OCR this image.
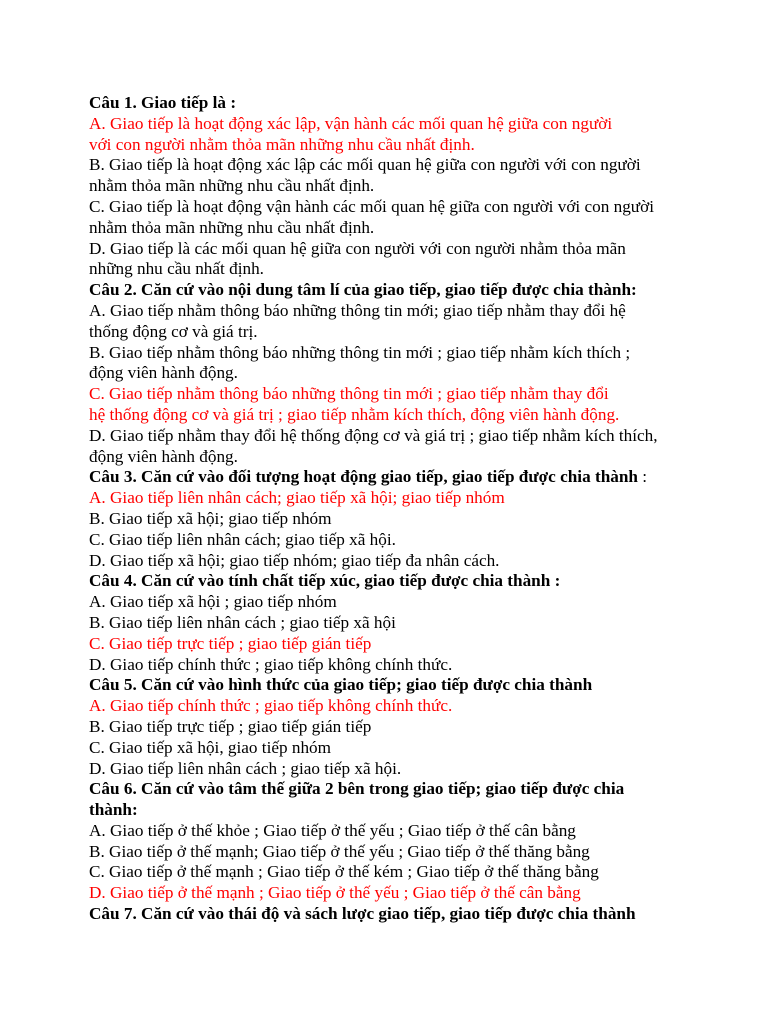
Câu 1. Giao tiếp là :
A. Giao tiếp là hoạt động xác lập, vận hành các mối quan hệ giữa con người
với con người nhằm thỏa mãn những nhu cầu nhất định.
B. Giao tiếp là hoạt động xác lập các mối quan hệ giữa con người với con người
nhằm thỏa mãn những nhu cầu nhất định.
C. Giao tiếp là hoạt động vận hành các mối quan hệ giữa con người với con người
nhằm thỏa mãn những nhu cầu nhất định.
D. Giao tiếp là các mối quan hệ giữa con người với con người nhằm thỏa mãn
những nhu cầu nhất định.
Câu 2. Căn cứ vào nội dung tâm lí của giao tiếp, giao tiếp được chia thành:
A. Giao tiếp nhằm thông báo những thông tin mới; giao tiếp nhằm thay đổi hệ
thống động cơ và giá trị.
B. Giao tiếp nhằm thông báo những thông tin mới ; giao tiếp nhằm kích thích ;
động viên hành động.
C. Giao tiếp nhằm thông báo những thông tin mới ; giao tiếp nhằm thay đổi
hệ thống động cơ và giá trị ; giao tiếp nhằm kích thích, động viên hành động.
D. Giao tiếp nhằm thay đổi hệ thống động cơ và giá trị ; giao tiếp nhằm kích thích,
động viên hành động.
Câu 3. Căn cứ vào đối tượng hoạt động giao tiếp, giao tiếp được chia thành :
A. Giao tiếp liên nhân cách; giao tiếp xã hội; giao tiếp nhóm
B. Giao tiếp xã hội; giao tiếp nhóm
C. Giao tiếp liên nhân cách; giao tiếp xã hội.
D. Giao tiếp xã hội; giao tiếp nhóm; giao tiếp đa nhân cách.
Câu 4. Căn cứ vào tính chất tiếp xúc, giao tiếp được chia thành :
A. Giao tiếp xã hội ; giao tiếp nhóm
B. Giao tiếp liên nhân cách ; giao tiếp xã hội
C. Giao tiếp trực tiếp ; giao tiếp gián tiếp
D. Giao tiếp chính thức ; giao tiếp không chính thức.
Câu 5. Căn cứ vào hình thức của giao tiếp; giao tiếp được chia thành
A. Giao tiếp chính thức ; giao tiếp không chính thức.
B. Giao tiếp trực tiếp ; giao tiếp gián tiếp
C. Giao tiếp xã hội, giao tiếp nhóm
D. Giao tiếp liên nhân cách ; giao tiếp xã hội.
Câu 6. Căn cứ vào tâm thế giữa 2 bên trong giao tiếp; giao tiếp được chia
thành:
A. Giao tiếp ở thế khỏe ; Giao tiếp ở thế yếu ; Giao tiếp ở thế cân bằng
B. Giao tiếp ở thế mạnh; Giao tiếp ở thế yếu ; Giao tiếp ở thế thăng bằng
C. Giao tiếp ở thế mạnh ; Giao tiếp ở thế kém ; Giao tiếp ở thế thăng bằng
D. Giao tiếp ở thế mạnh ; Giao tiếp ở thế yếu ; Giao tiếp ở thế cân bằng
Câu 7. Căn cứ vào thái độ và sách lược giao tiếp, giao tiếp được chia thành
